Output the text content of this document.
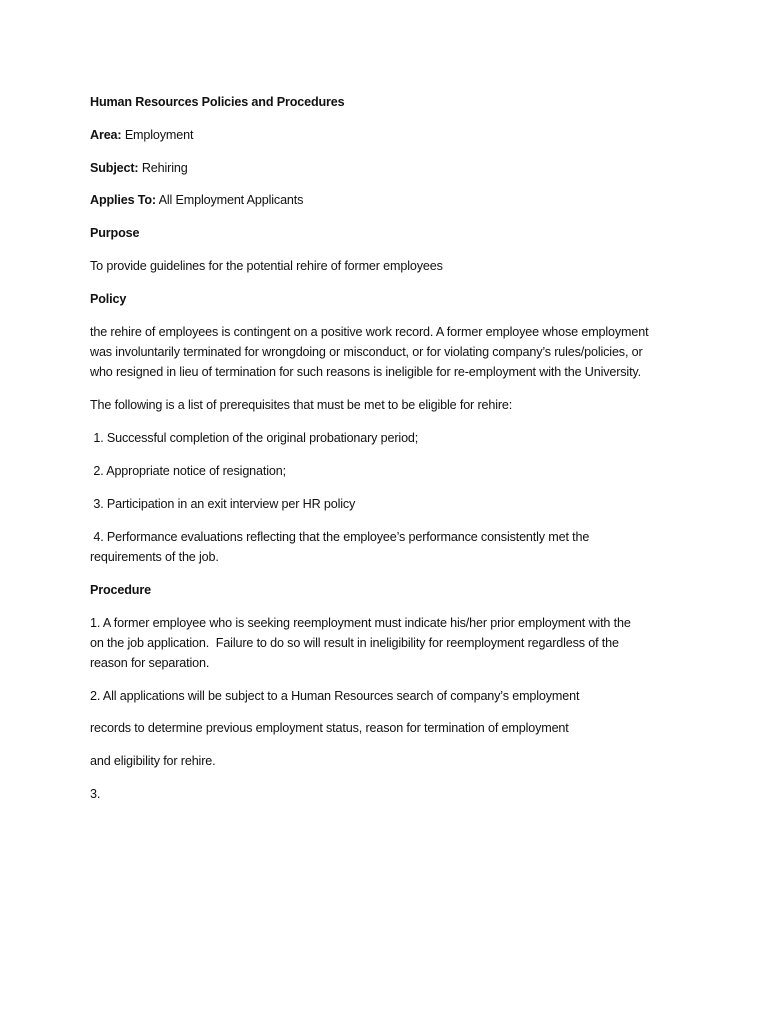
Human Resources Policies and Procedures
Area: Employment
Subject: Rehiring
Applies To: All Employment Applicants
Purpose
To provide guidelines for the potential rehire of former employees
Policy
the rehire of employees is contingent on a positive work record. A former employee whose employment
was involuntarily terminated for wrongdoing or misconduct, or for violating company’s rules/policies, or
who resigned in lieu of termination for such reasons is ineligible for re-employment with the University.
The following is a list of prerequisites that must be met to be eligible for rehire:
1. Successful completion of the original probationary period;
2. Appropriate notice of resignation;
3. Participation in an exit interview per HR policy
4. Performance evaluations reflecting that the employee’s performance consistently met the
requirements of the job.
Procedure
1. A former employee who is seeking reemployment must indicate his/her prior employment with the
on the job application.  Failure to do so will result in ineligibility for reemployment regardless of the
reason for separation.
2. All applications will be subject to a Human Resources search of company’s employment
records to determine previous employment status, reason for termination of employment
and eligibility for rehire.
3.
